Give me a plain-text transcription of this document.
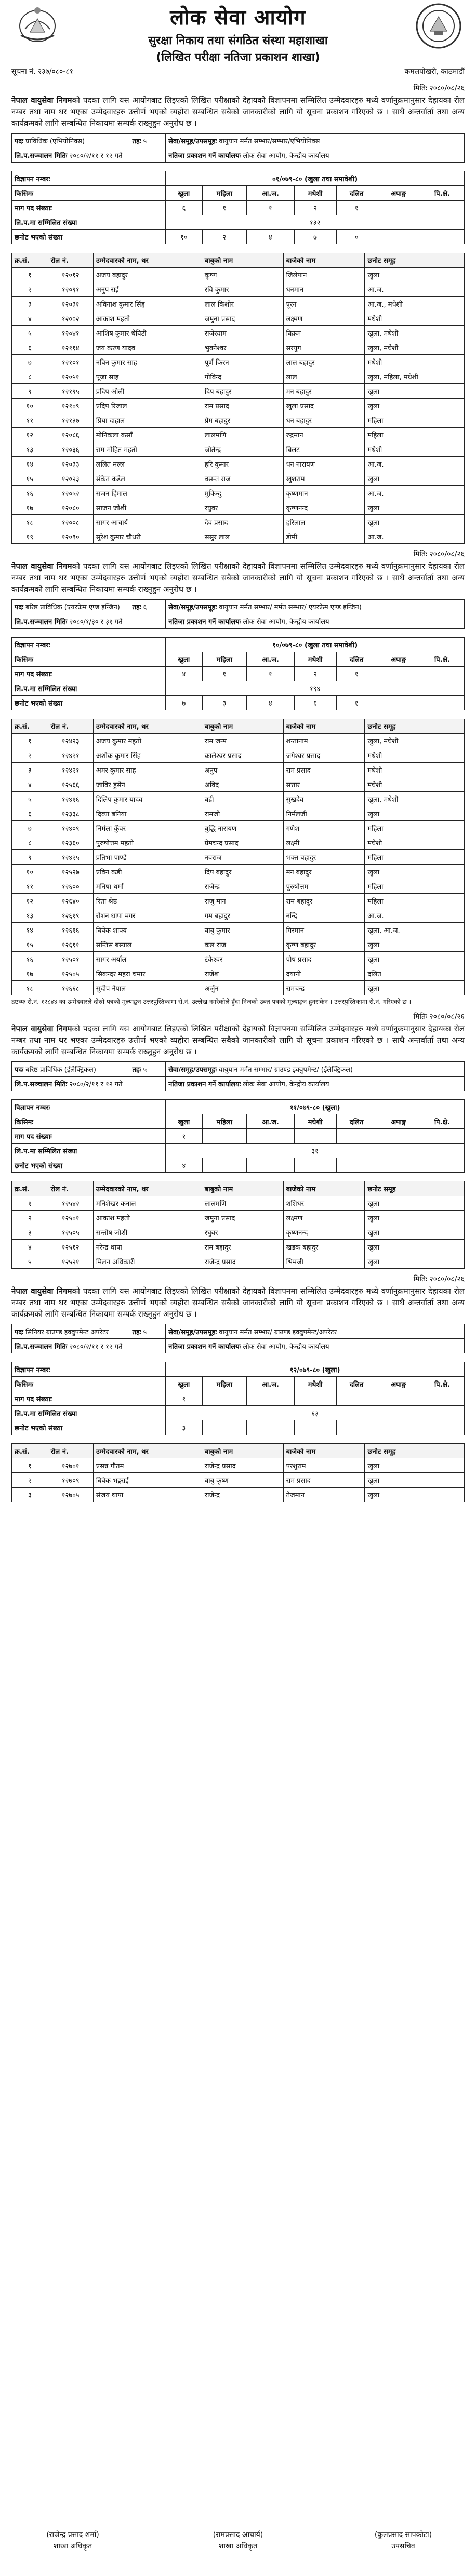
लोक सेवा आयोग
सुरक्षा निकाय तथा संगठित संस्था महाशाखा
(लिखित परीक्षा नतिजा प्रकाशन शाखा)
सूचना नं. २३७/०८०-८१	कमलपोखरी, काठमाडौं
मितिः २०८०/०८/२६
नेपाल वायुसेवा निगमको पदका लागि यस आयोगबाट लिइएको लिखित परीक्षाको देहायको विज्ञापनमा सम्मिलित उम्मेदवारहरु मध्ये वर्णानुक्रमानुसार देहायका रोल नम्बर तथा नाम थर भएका उम्मेदवारहरु उत्तीर्ण भएको व्यहोरा सम्बन्धित सबैको जानकारीको लागि यो सूचना प्रकाशन गरिएको छ । साथै अन्तर्वार्ता तथा अन्य कार्यक्रमको लागि सम्बन्धित निकायमा सम्पर्क राख्नुहुन अनुरोध छ ।
पदः प्राविधिक (एभियोनिक्स)	तहः ५	सेवा/समूह/उपसमूहः वायुयान मर्मत सम्भार/सम्भार/एभियोनिक्स
लि.प.सञ्चालन मितिः २०८०/२/११ र १२ गते		नतिजा प्रकाशन गर्ने कार्यालयः लोक सेवा आयोग, केन्द्रीय कार्यालय
विज्ञापन नम्बरः	०१/०७९-८० (खुला तथा समावेशी)						
किसिमः	खुला	महिला	आ.ज.	मधेशी	दलित	अपाङ्ग	पि.क्षे.
माग पद संख्याः	६	१	१	२	१		
लि.प.मा सम्मिलित संख्या	१३२						
छनोट भएको संख्या	१०	२	४	७	०		
क्र.सं.	रोल नं.	उम्मेदवारको नाम, थर	बाबुको नाम	बाजेको नाम	छनोट समूह
१	१२०१२	अजय बहादुर	कृष्ण	जिलेपान	खुला
२	१२०९१	अनुप राई	रवि कुमार	धनमान	आ.ज.
३	१२०३१	अविनाश कुमार सिंह	लाल किशोर	पूरन	आ.ज., मधेशी
४	१२००२	आकाश महतो	जमुना प्रसाद	लक्ष्मण	मधेशी
५	१२०४१	आशिष कुमार थेबिटी	राजेरवाम	बिक्रम	खुला, मधेशी
६	१२११४	जय करण यादव	भुवनेश्वर	सरयुग	खुला, मधेशी
७	१२१०१	नबिन कुमार साह	पूर्ण किरन	लाल बहादुर	मधेशी
८	१२०५१	पूजा साह	गोबिन्द	लाल	खुला, महिला, मधेशी
९	१२१९५	प्रदिप ओली	दिप बहादुर	मन बहादुर	खुला
१०	१२१०९	प्रदिप रिजाल	राम प्रसाद	खुला प्रसाद	खुला
११	१२१३७	प्रिया दाहाल	प्रेम बहादुर	धन बहादुर	महिला
१२	१२०८६	मोनिकला कसाँ	लालमणि	रुद्रमान	महिला
१३	१२०३६	राम मोहित महतो	जोतेन्द्र	बिलट	मधेशी
१४	१२०३३	ललित मल्ल	हरि कुमार	धन नारायण	आ.ज.
१५	१२०२३	संकेत कडेल	वसन्त राज	खुशराम	खुला
१६	१२०५२	सजन हिमाल	मुकिन्दु	कृष्णमान	आ.ज.
१७	१२०८०	साजन जोशी	रघुवर	कृष्णनन्द	खुला
१८	१२००८	सागर आचार्य	देव प्रसाद	हरिलाल	खुला
१९	१२०९०	सुरेश कुमार चौधरी	ससुर लाल	डोमी	आ.ज.
मितिः २०८०/०८/२६
नेपाल वायुसेवा निगमको पदका लागि यस आयोगबाट लिइएको लिखित परीक्षाको देहायको विज्ञापनमा सम्मिलित उम्मेदवारहरु मध्ये वर्णानुक्रमानुसार देहायका रोल नम्बर तथा नाम थर भएका उम्मेदवारहरु उत्तीर्ण भएको व्यहोरा सम्बन्धित सबैको जानकारीको लागि यो सूचना प्रकाशन गरिएको छ । साथै अन्तर्वार्ता तथा अन्य कार्यक्रमको लागि सम्बन्धित निकायमा सम्पर्क राख्नुहुन अनुरोध छ ।
पदः बरिष्ठ प्राविधिक (एयरफ्रेम एण्ड इन्जिन)	तहः ६	सेवा/समूह/उपसमूहः वायुयान मर्मत सम्भार/ मर्मत सम्भार/ एयरफ्रेम एण्ड इन्जिन)
लि.प.सञ्चालन मितिः २०८०/१/३० र ३१ गते		नतिजा प्रकाशन गर्ने कार्यालयः लोक सेवा आयोग, केन्द्रीय कार्यालय
विज्ञापन नम्बरः	१०/०७९-८० (खुला तथा समावेशी)						
किसिमः	खुला	महिला	आ.ज.	मधेशी	दलित	अपाङ्ग	पि.क्षे.
माग पद संख्याः	४	१	१	२	१		
लि.प.मा सम्मिलित संख्या	१९४						
छनोट भएको संख्या	७	३	४	६	१		
क्र.सं.	रोल नं.	उम्मेदवारको नाम, थर	बाबुको नाम	बाजेको नाम	छनोट समूह
१	१२४२३	अजय कुमार महतो	राम जन्म	शन्तानाम	खुला, मधेशी
२	१२४२१	अशोक कुमार सिंह	कालेश्वर प्रसाद	जगेश्वर प्रसाद	मधेशी
३	१२४२१	अमर कुमार साह	अनुप	राम प्रसाद	मधेशी
४	१२५६६	जाविर हुसेन	अविद	सत्तार	मधेशी
५	१२४१६	दिलिप कुमार यादव	बद्री	सुखदेव	खुला, मधेशी
६	१२३३८	दिव्या बनिया	रामजी	निर्मलजी	खुला
७	१२४०९	निर्मला कुँवर	बुद्धि नारायण	गणेश	महिला
८	१२३६०	पुरुषोत्तम महतो	प्रेमचन्द प्रसाद	लक्ष्मी	मधेशी
९	१२४२५	प्रतिभा पाण्डे	नवराज	भक्त बहादुर	महिला
१०	१२५२७	प्रविन कडी	दिप बहादुर	मन बहादुर	खुला
११	१२६००	मनिषा थर्मा	राजेन्द्र	पुरुषोत्तम	महिला
१२	१२६४०	रिता श्रेष्ठ	राजु मान	राम बहादुर	महिला
१३	१२६१९	रोशन थापा मगर	गम बहादुर	नन्दि	आ.ज.
१४	१२६१६	बिबेक शाक्य	बाबु कुमार	गिरमान	खुला, आ.ज.
१५	१२६११	सन्तिस बस्याल	कल राज	कृष्ण बहादुर	खुला
१६	१२५०१	सागर अर्याल	टंकेश्वर	पोष प्रसाद	खुला
१७	१२५०५	सिकन्दर महरा चमार	राजेश	दयानी	दलित
१८	१२६६८	सुदीप नेपाल	अर्जुन	रामचन्द्र	खुला
द्रष्टव्यः रो.नं. १२८४४ का उम्मेदवारले दोस्रो पत्रको मूल्याङ्कन उत्तरपुस्तिकामा रो.नं. उल्लेख नगरेकोले हुँदा निजको उक्त पत्रको मूल्याङ्कन हुनसकेन । उत्तरपुस्तिकामा रो.नं. गरिएको छ ।
मितिः २०८०/०८/२६
नेपाल वायुसेवा निगमको पदका लागि यस आयोगबाट लिइएको लिखित परीक्षाको देहायको विज्ञापनमा सम्मिलित उम्मेदवारहरु मध्ये वर्णानुक्रमानुसार देहायका रोल नम्बर तथा नाम थर भएका उम्मेदवारहरु उत्तीर्ण भएको व्यहोरा सम्बन्धित सबैको जानकारीको लागि यो सूचना प्रकाशन गरिएको छ । साथै अन्तर्वार्ता तथा अन्य कार्यक्रमको लागि सम्बन्धित निकायमा सम्पर्क राख्नुहुन अनुरोध छ ।
पदः बरिष्ठ प्राविधिक (ईलेक्ट्रिकल)	तहः ५	सेवा/समूह/उपसमूहः वायुयान मर्मत सम्भार/ ग्राउण्ड इक्वुपमेन्ट/ (ईलेक्ट्रिकल)
लि.प.सञ्चालन मितिः २०८०/२/११ र १२ गते		नतिजा प्रकाशन गर्ने कार्यालयः लोक सेवा आयोग, केन्द्रीय कार्यालय
विज्ञापन नम्बरः	११/०७९-८० (खुला)						
किसिमः	खुला	महिला	आ.ज.	मधेशी	दलित	अपाङ्ग	पि.क्षे.
माग पद संख्याः	१						
लि.प.मा सम्मिलित संख्या	३१						
छनोट भएको संख्या	४						
क्र.सं.	रोल नं.	उम्मेदवारको नाम, थर	बाबुको नाम	बाजेको नाम	छनोट समूह
१	१२५४२	मनिशेखर कनाल	लालमणि	शशिधर	खुला
२	१२५०१	आकाश महतो	जमुना प्रसाद	लक्ष्मण	खुला
३	१२५०५	सन्तोष जोशी	रघुवर	कृष्णनन्द	खुला
४	१२५१२	नरेन्द्र थापा	राम बहादुर	खडक बहादुर	खुला
५	१२५२१	मिलन अधिकारी	राजेन्द्र प्रसाद	भिमजी	खुला
मितिः २०८०/०८/२६
नेपाल वायुसेवा निगमको पदका लागि यस आयोगबाट लिइएको लिखित परीक्षाको देहायको विज्ञापनमा सम्मिलित उम्मेदवारहरु मध्ये वर्णानुक्रमानुसार देहायका रोल नम्बर तथा नाम थर भएका उम्मेदवारहरु उत्तीर्ण भएको व्यहोरा सम्बन्धित सबैको जानकारीको लागि यो सूचना प्रकाशन गरिएको छ । साथै अन्तर्वार्ता तथा अन्य कार्यक्रमको लागि सम्बन्धित निकायमा सम्पर्क राख्नुहुन अनुरोध छ ।
पदः सिनियर ग्राउण्ड इक्वुपमेन्ट अपरेटर	तहः ५	सेवा/समूह/उपसमूहः वायुयान मर्मत सम्भार/ ग्राउण्ड इक्वुपमेन्ट/अपरेटर
लि.प.सञ्चालन मितिः २०८०/२/११ र १२ गते		नतिजा प्रकाशन गर्ने कार्यालयः लोक सेवा आयोग, केन्द्रीय कार्यालय
विज्ञापन नम्बरः	१२/०७९-८० (खुला)						
किसिमः	खुला	महिला	आ.ज.	मधेशी	दलित	अपाङ्ग	पि.क्षे.
माग पद संख्याः	१						
लि.प.मा सम्मिलित संख्या	६३						
छनोट भएको संख्या	३						
क्र.सं.	रोल नं.	उम्मेदवारको नाम, थर	बाबुको नाम	बाजेको नाम	छनोट समूह
१	१२७०१	प्रसन्न गौतम	राजेन्द्र प्रसाद	परशुराम	खुला
२	१२७०९	बिबेक भट्टराई	बाबु कृष्ण	राम प्रसाद	खुला
३	१२७०५	संजय थापा	राजेन्द्र	तेजमान	खुला
(राजेन्द्र प्रसाद शर्मा)
शाखा अधिकृत
(रामप्रसाद आचार्य)
शाखा अधिकृत
(कुलप्रसाद सापकोटा)
उपसचिव
